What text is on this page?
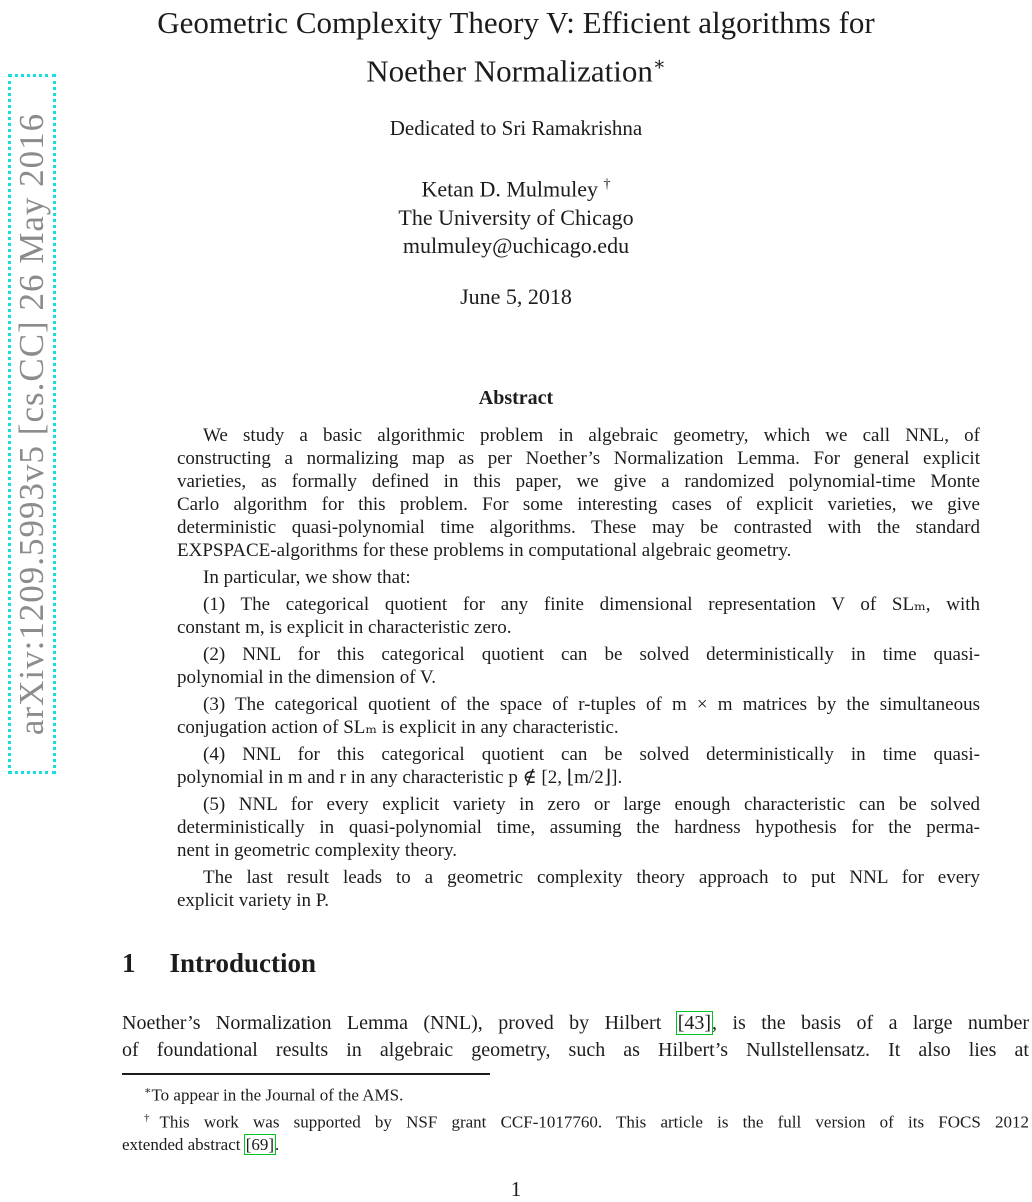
arXiv:1209.5993v5 [cs.CC] 26 May 2016
Geometric Complexity Theory V: Efficient algorithms for
Noether Normalization∗
Dedicated to Sri Ramakrishna
Ketan D. Mulmuley †
The University of Chicago
mulmuley@uchicago.edu
June 5, 2018
Abstract
We study a basic algorithmic problem in algebraic geometry, which we call NNL, of
constructing a normalizing map as per Noether’s Normalization Lemma. For general explicit
varieties, as formally defined in this paper, we give a randomized polynomial-time Monte
Carlo algorithm for this problem. For some interesting cases of explicit varieties, we give
deterministic quasi-polynomial time algorithms. These may be contrasted with the standard
EXPSPACE-algorithms for these problems in computational algebraic geometry.
In particular, we show that:
(1) The categorical quotient for any finite dimensional representation V of SLₘ, with
constant m, is explicit in characteristic zero.
(2) NNL for this categorical quotient can be solved deterministically in time quasi-
polynomial in the dimension of V.
(3) The categorical quotient of the space of r-tuples of m × m matrices by the simultaneous
conjugation action of SLₘ is explicit in any characteristic.
(4) NNL for this categorical quotient can be solved deterministically in time quasi-
polynomial in m and r in any characteristic p ∉ [2, ⌊m/2⌋].
(5) NNL for every explicit variety in zero or large enough characteristic can be solved
deterministically in quasi-polynomial time, assuming the hardness hypothesis for the perma-
nent in geometric complexity theory.
The last result leads to a geometric complexity theory approach to put NNL for every
explicit variety in P.
1 Introduction
Noether’s Normalization Lemma (NNL), proved by Hilbert [43], is the basis of a large number
of foundational results in algebraic geometry, such as Hilbert’s Nullstellensatz. It also lies at
∗To appear in the Journal of the AMS.
†This work was supported by NSF grant CCF-1017760. This article is the full version of its FOCS 2012
extended abstract [69].
1
